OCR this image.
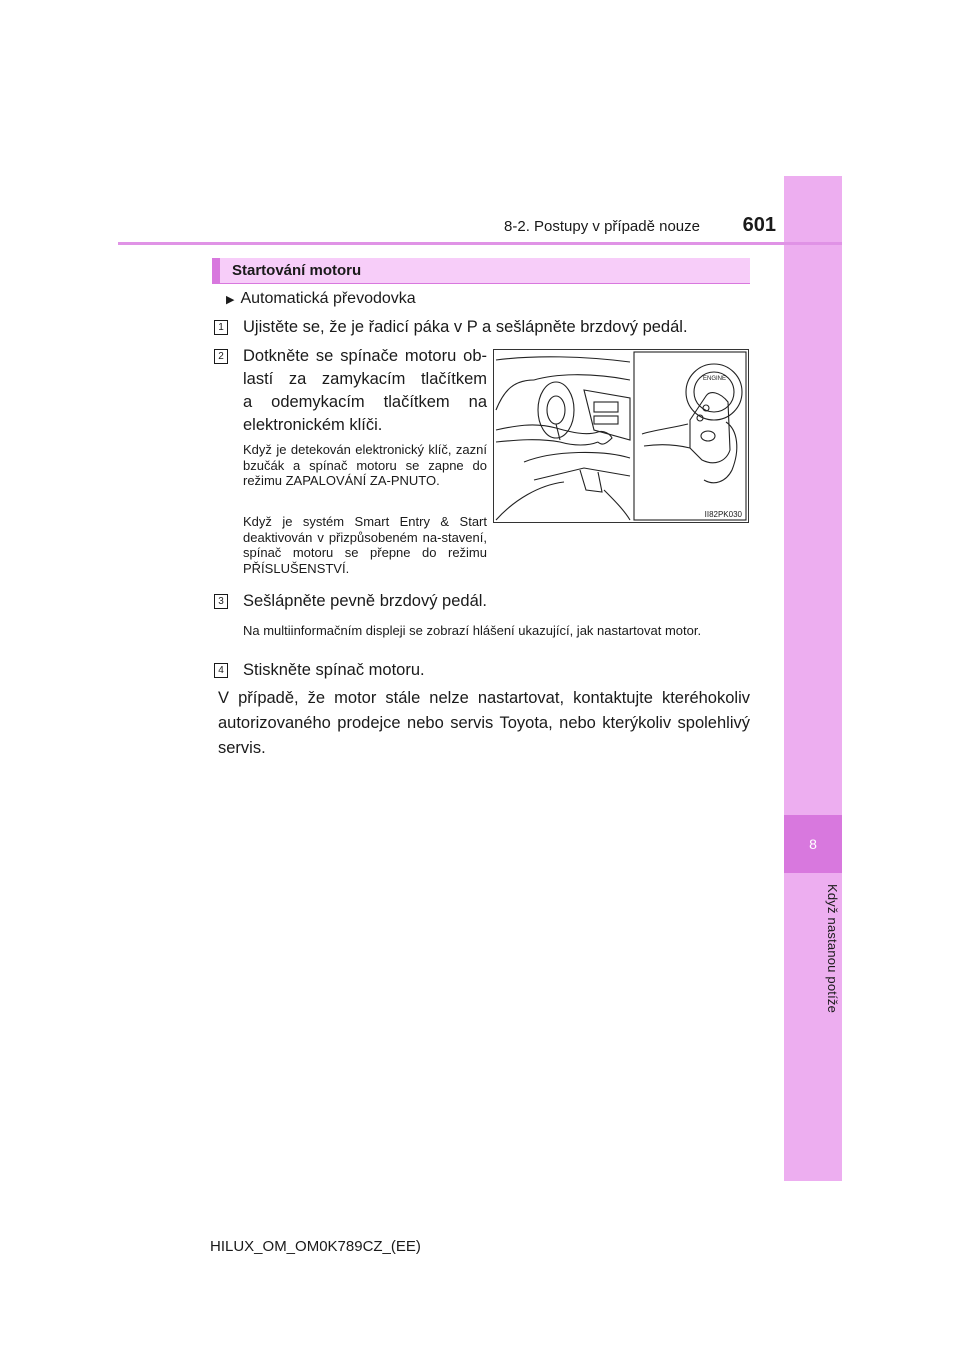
8
Když nastanou potíže
8-2. Postupy v případě nouze	601
Startování motoru
▶ Automatická převodovka
1 Ujistěte se, že je řadicí páka v P a sešlápněte brzdový pedál.
2 Dotkněte se spínače motoru ob-
lastí za zamykacím tlačítkem
a odemykacím tlačítkem na
elektronickém klíči.
Když je detekován elektronický klíč, zazní bzučák a spínač motoru se zapne do režimu ZAPALOVÁNÍ ZA-PNUTO.
Když je systém Smart Entry & Start deaktivován v přizpůsobeném na-stavení, spínač motoru se přepne do režimu PŘÍSLUŠENSTVÍ.
ENGINE
II82PK030
3 Sešlápněte pevně brzdový pedál.
Na multiinformačním displeji se zobrazí hlášení ukazující, jak nastartovat motor.
4 Stiskněte spínač motoru.
V případě, že motor stále nelze nastartovat, kontaktujte kteréhokoliv autorizovaného prodejce nebo servis Toyota, nebo kterýkoliv spolehlivý servis.
HILUX_OM_OM0K789CZ_(EE)
